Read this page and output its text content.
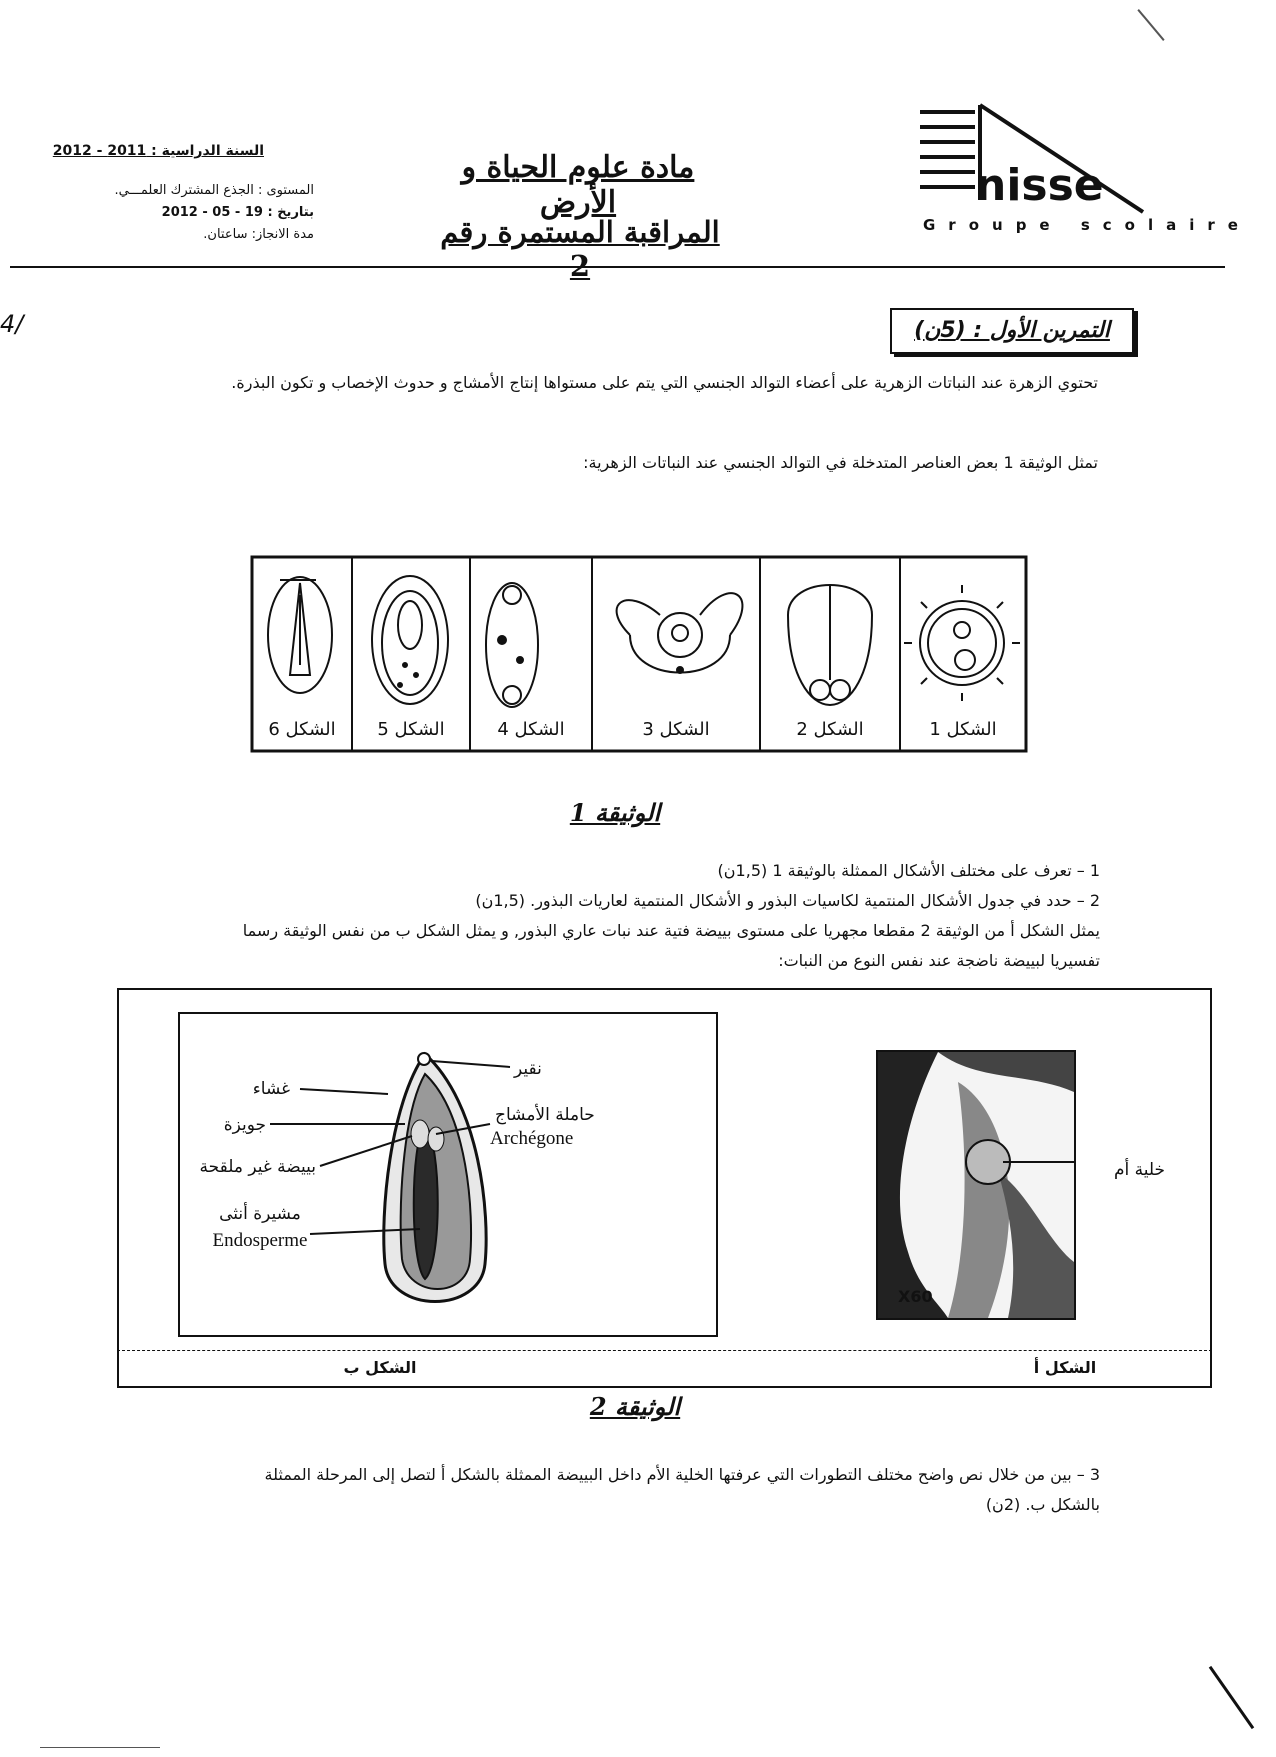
السنة الدراسية : 2011 - 2012
المستوى : الجذع المشترك العلمـــي.
بتاريخ : 19 - 05 - 2012
مدة الانجاز: ساعتان.
مادة علوم الحياة و الأرض
المراقبة المستمرة رقم 2
nisse
Groupe scolaire
4/	التمرين الأول : (5ن)
تحتوي الزهرة عند النباتات الزهرية على أعضاء التوالد الجنسي التي يتم على مستواها إنتاج الأمشاج و حدوث الإخصاب و تكون البذرة.
تمثل الوثيقة 1 بعض العناصر المتدخلة في التوالد الجنسي عند النباتات الزهرية:
الشكل 6 الشكل 5	الشكل 4	الشكل 3	الشكل 2	الشكل 1
الوثيقة 1
1 – تعرف على مختلف الأشكال الممثلة بالوثيقة 1 (1,5ن)
2 – حدد في جدول الأشكال المنتمية لكاسيات البذور و الأشكال المنتمية لعاريات البذور. (1,5ن)
يمثل الشكل أ من الوثيقة 2 مقطعا مجهريا على مستوى بييضة فتية عند نبات عاري البذور, و يمثل الشكل ب من نفس الوثيقة رسما تفسيريا لبييضة ناضجة عند نفس النوع من النبات:
غشاء
جويزة
بييضة غير ملقحة
مشيرة أنثى
Endosperme
نقير
حاملة الأمشاج
Archégone
X60
خلية أم
الشكل ب	الشكل أ
الوثيقة 2
3 – بين من خلال نص واضح مختلف التطورات التي عرفتها الخلية الأم داخل البييضة الممثلة بالشكل أ لتصل إلى المرحلة الممثلة بالشكل ب. (2ن)
